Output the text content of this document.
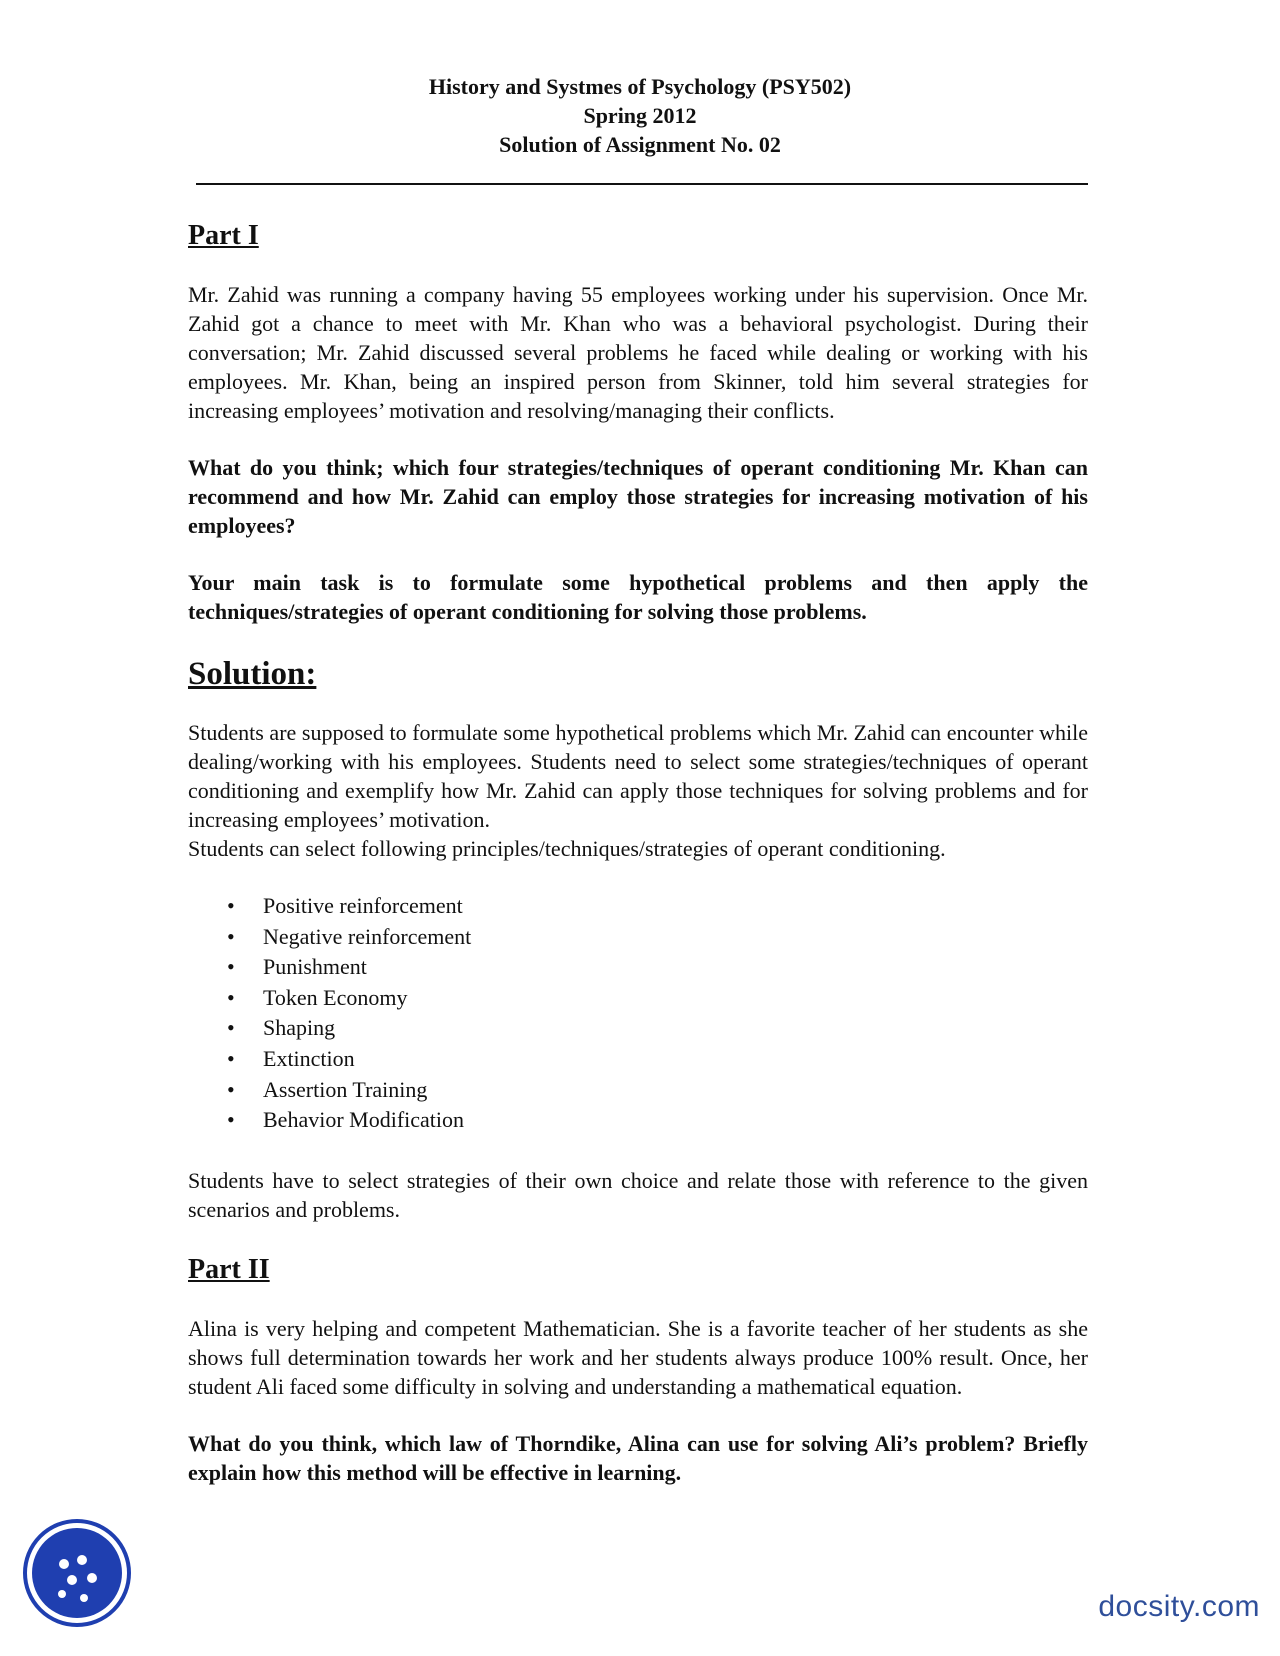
History and Systmes of Psychology (PSY502)
Spring 2012
Solution of Assignment No. 02
Part I

Mr. Zahid was running a company having 55 employees working under his supervision. Once Mr. Zahid got a chance to meet with Mr. Khan who was a behavioral psychologist. During their conversation; Mr. Zahid discussed several problems he faced while dealing or working with his employees. Mr. Khan, being an inspired person from Skinner, told him several strategies for increasing employees’ motivation and resolving/managing their conflicts.

What do you think; which four strategies/techniques of operant conditioning Mr. Khan can recommend and how Mr. Zahid can employ those strategies for increasing motivation of his employees?

Your main task is to formulate some hypothetical problems and then apply the techniques/strategies of operant conditioning for solving those problems.

Solution:

Students are supposed to formulate some hypothetical problems which Mr. Zahid can encounter while dealing/working with his employees. Students need to select some strategies/techniques of operant conditioning and exemplify how Mr. Zahid can apply those techniques for solving problems and for increasing employees’ motivation.

Students can select following principles/techniques/strategies of operant conditioning.

• Positive reinforcement
• Negative reinforcement
• Punishment
• Token Economy
• Shaping
• Extinction
• Assertion Training
• Behavior Modification

Students have to select strategies of their own choice and relate those with reference to the given scenarios and problems.

Part II

Alina is very helping and competent Mathematician. She is a favorite teacher of her students as she shows full determination towards her work and her students always produce 100% result. Once, her student Ali faced some difficulty in solving and understanding a mathematical equation.

What do you think, which law of Thorndike, Alina can use for solving Ali’s problem? Briefly explain how this method will be effective in learning.

docsity.com
